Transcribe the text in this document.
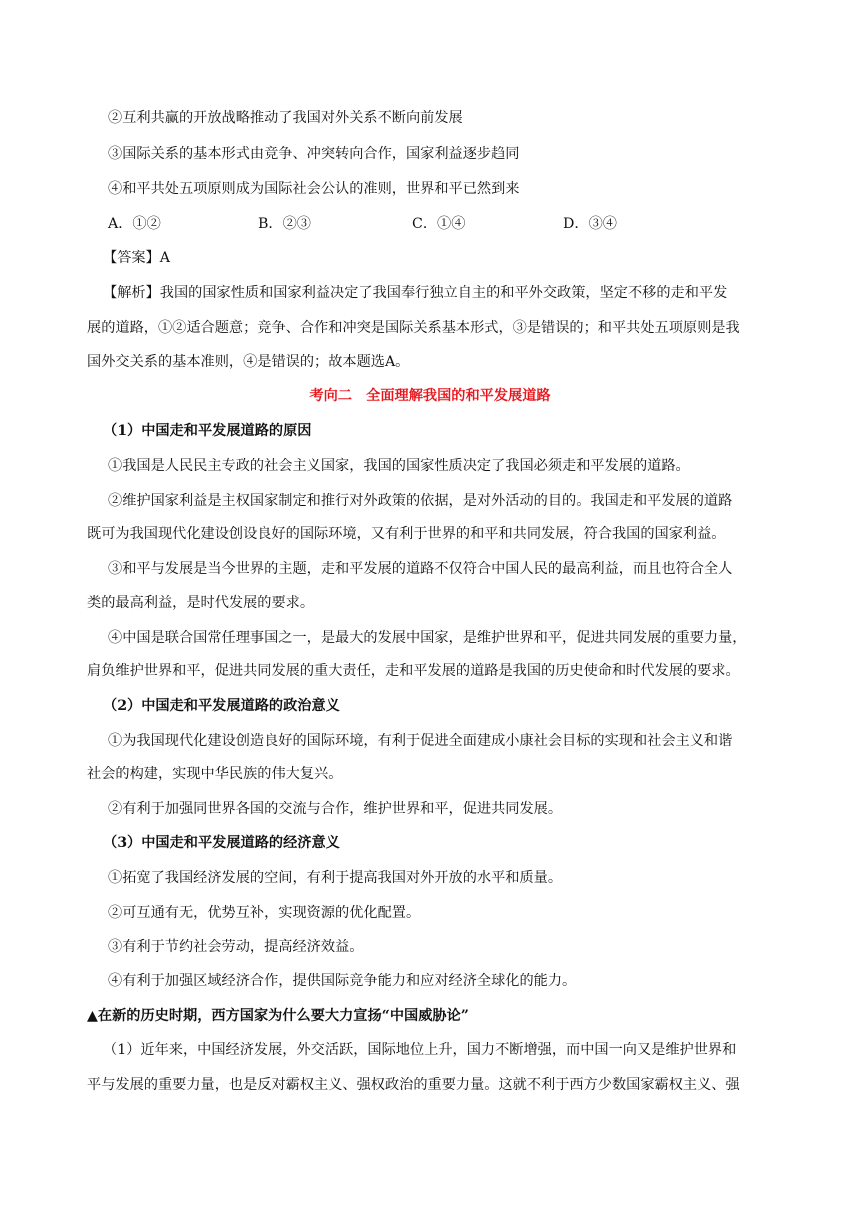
②互利共赢的开放战略推动了我国对外关系不断向前发展
③国际关系的基本形式由竞争、冲突转向合作，国家利益逐步趋同
④和平共处五项原则成为国际社会公认的准则，世界和平已然到来
A．①②	B．②③	C．①④	D．③④
【答案】A
【解析】我国的国家性质和国家利益决定了我国奉行独立自主的和平外交政策，坚定不移的走和平发
展的道路，①②适合题意；竞争、合作和冲突是国际关系基本形式，③是错误的；和平共处五项原则是我
国外交关系的基本准则，④是错误的；故本题选A。
考向二　全面理解我国的和平发展道路
（1）中国走和平发展道路的原因
①我国是人民民主专政的社会主义国家，我国的国家性质决定了我国必须走和平发展的道路。
②维护国家利益是主权国家制定和推行对外政策的依据，是对外活动的目的。我国走和平发展的道路
既可为我国现代化建设创设良好的国际环境，又有利于世界的和平和共同发展，符合我国的国家利益。
③和平与发展是当今世界的主题，走和平发展的道路不仅符合中国人民的最高利益，而且也符合全人
类的最高利益，是时代发展的要求。
④中国是联合国常任理事国之一，是最大的发展中国家，是维护世界和平，促进共同发展的重要力量，
肩负维护世界和平，促进共同发展的重大责任，走和平发展的道路是我国的历史使命和时代发展的要求。
（2）中国走和平发展道路的政治意义
①为我国现代化建设创造良好的国际环境，有利于促进全面建成小康社会目标的实现和社会主义和谐
社会的构建，实现中华民族的伟大复兴。
②有利于加强同世界各国的交流与合作，维护世界和平，促进共同发展。
（3）中国走和平发展道路的经济意义
①拓宽了我国经济发展的空间，有利于提高我国对外开放的水平和质量。
②可互通有无，优势互补，实现资源的优化配置。
③有利于节约社会劳动，提高经济效益。
④有利于加强区域经济合作，提供国际竞争能力和应对经济全球化的能力。
▲在新的历史时期，西方国家为什么要大力宣扬“中国威胁论”
（1）近年来，中国经济发展，外交活跃，国际地位上升，国力不断增强，而中国一向又是维护世界和
平与发展的重要力量，也是反对霸权主义、强权政治的重要力量。这就不利于西方少数国家霸权主义、强
